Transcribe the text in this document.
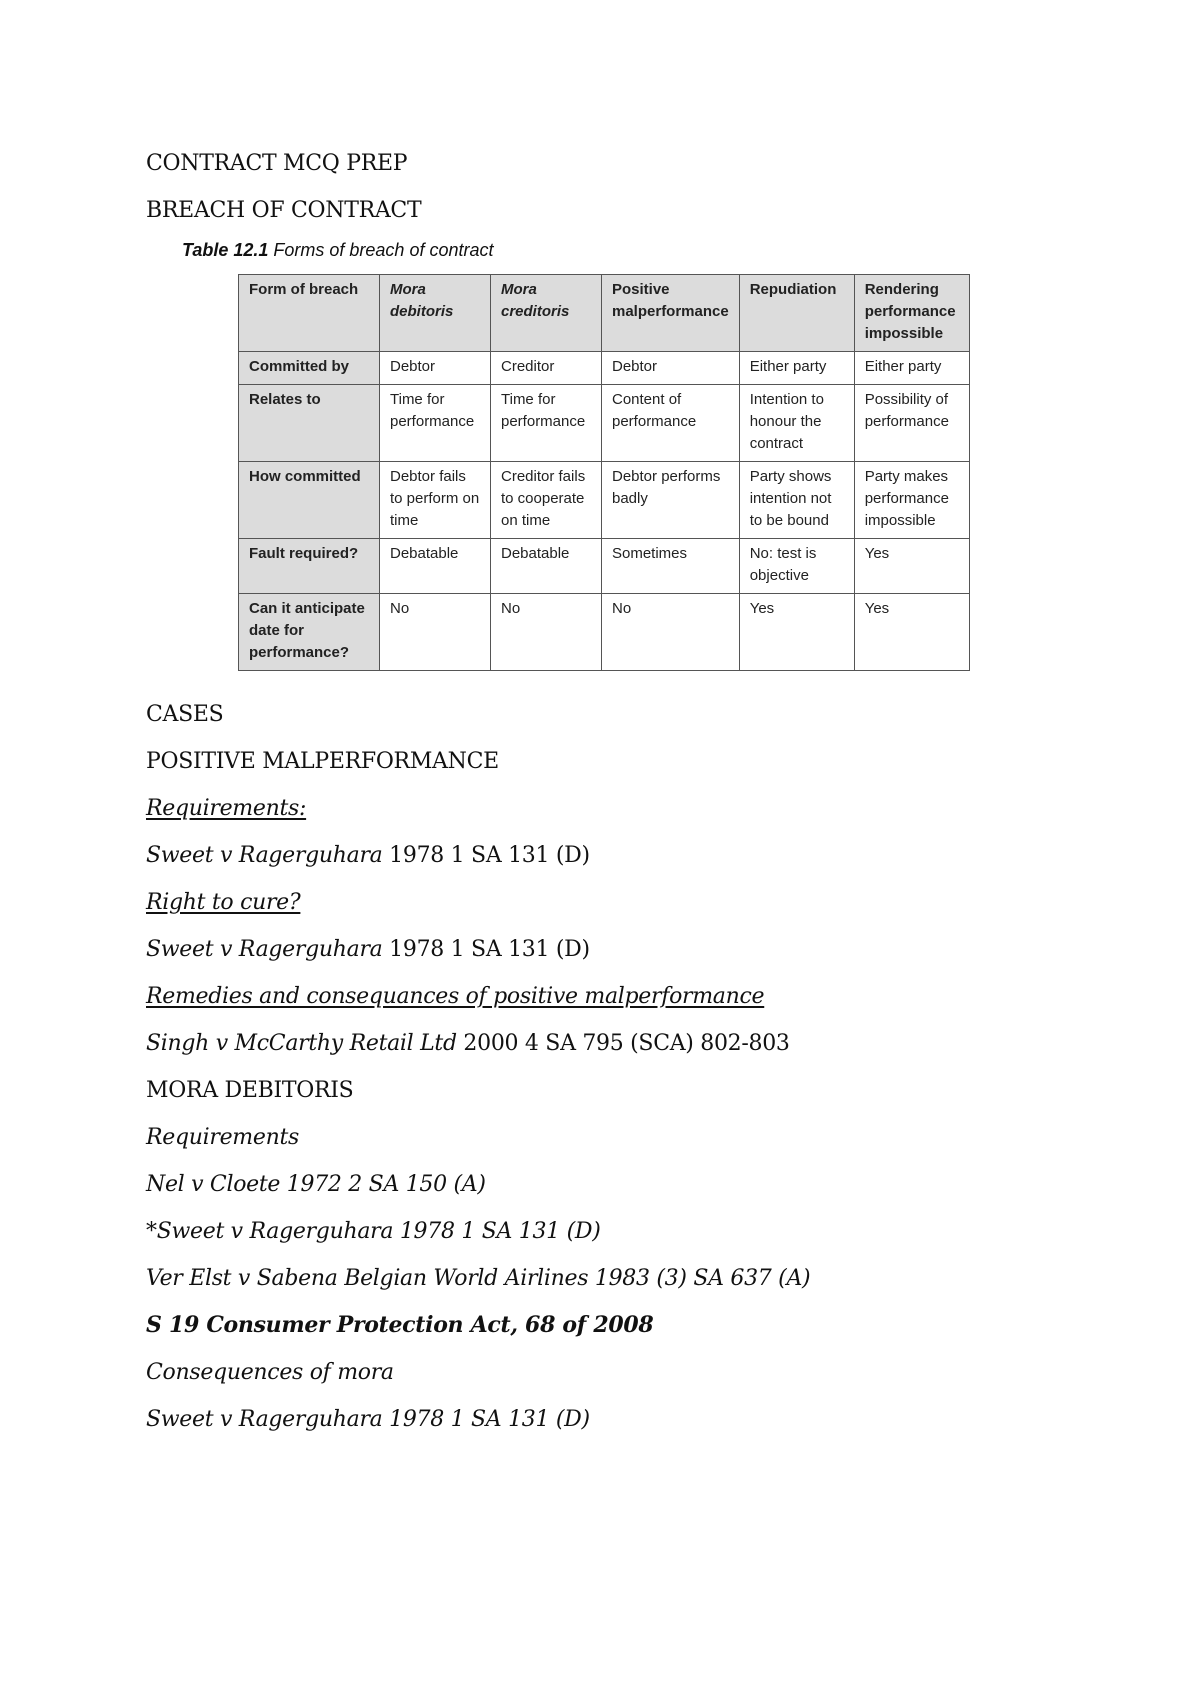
CONTRACT MCQ PREP
BREACH OF CONTRACT
Table 12.1 Forms of breach of contract
Form of breach	Mora debitoris	Mora creditoris	Positive malperformance	Repudiation	Rendering performance impossible
Committed by	Debtor	Creditor	Debtor	Either party	Either party
Relates to	Time for performance	Time for performance	Content of performance	Intention to honour the contract	Possibility of performance
How committed	Debtor fails to perform on time	Creditor fails to cooperate on time	Debtor performs badly	Party shows intention not to be bound	Party makes performance impossible
Fault required?	Debatable	Debatable	Sometimes	No: test is objective	Yes
Can it anticipate date for performance?	No	No	No	Yes	Yes
CASES
POSITIVE MALPERFORMANCE
Requirements:
Sweet v Ragerguhara 1978 1 SA 131 (D)
Right to cure?
Sweet v Ragerguhara 1978 1 SA 131 (D)
Remedies and consequances of positive malperformance
Singh v McCarthy Retail Ltd 2000 4 SA 795 (SCA) 802-803
MORA DEBITORIS
Requirements
Nel v Cloete 1972 2 SA 150 (A)
*Sweet v Ragerguhara 1978 1 SA 131 (D)
Ver Elst v Sabena Belgian World Airlines 1983 (3) SA 637 (A)
S 19 Consumer Protection Act, 68 of 2008
Consequences of mora
Sweet v Ragerguhara 1978 1 SA 131 (D)
